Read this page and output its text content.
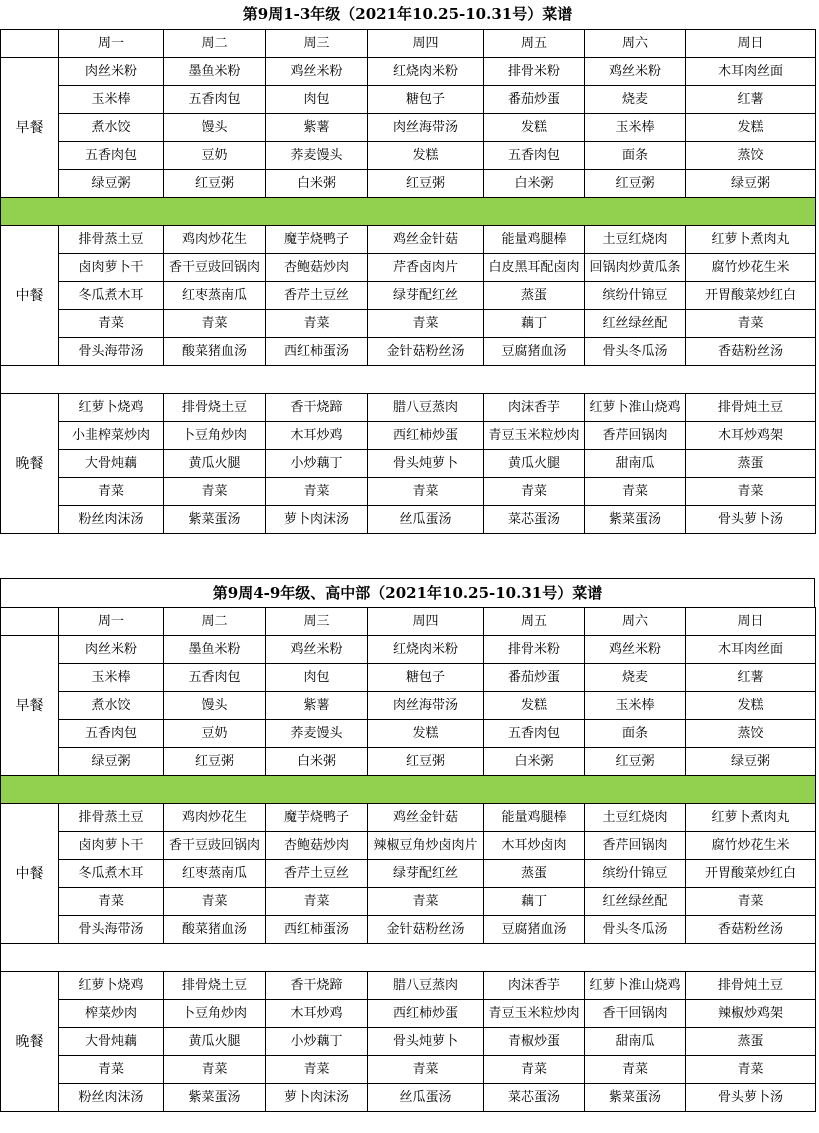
第9周1-3年级（2021年10.25-10.31号）菜谱
	周一	周二	周三	周四	周五	周六	周日
早餐	肉丝米粉	墨鱼米粉	鸡丝米粉	红烧肉米粉	排骨米粉	鸡丝米粉	木耳肉丝面
	玉米棒	五香肉包	肉包	糖包子	番茄炒蛋	烧麦	红薯
	煮水饺	馒头	紫薯	肉丝海带汤	发糕	玉米棒	发糕
	五香肉包	豆奶	荞麦馒头	发糕	五香肉包	面条	蒸饺
	绿豆粥	红豆粥	白米粥	红豆粥	白米粥	红豆粥	绿豆粥

中餐	排骨蒸土豆	鸡肉炒花生	魔芋烧鸭子	鸡丝金针菇	能量鸡腿棒	土豆红烧肉	红萝卜煮肉丸
	卤肉萝卜干	香干豆豉回锅肉	杏鲍菇炒肉	芹香卤肉片	白皮黑耳配卤肉	回锅肉炒黄瓜条	腐竹炒花生米
	冬瓜煮木耳	红枣蒸南瓜	香芹土豆丝	绿芽配红丝	蒸蛋	缤纷什锦豆	开胃酸菜炒红白
	青菜	青菜	青菜	青菜	藕丁	红丝绿丝配	青菜
	骨头海带汤	酸菜猪血汤	西红柿蛋汤	金针菇粉丝汤	豆腐猪血汤	骨头冬瓜汤	香菇粉丝汤

晚餐	红萝卜烧鸡	排骨烧土豆	香干烧蹄	腊八豆蒸肉	肉沫香芋	红萝卜淮山烧鸡	排骨炖土豆
	小韭榨菜炒肉	卜豆角炒肉	木耳炒鸡	西红柿炒蛋	青豆玉米粒炒肉	香芹回锅肉	木耳炒鸡架
	大骨炖藕	黄瓜火腿	小炒藕丁	骨头炖萝卜	黄瓜火腿	甜南瓜	蒸蛋
	青菜	青菜	青菜	青菜	青菜	青菜	青菜
	粉丝肉沫汤	紫菜蛋汤	萝卜肉沫汤	丝瓜蛋汤	菜芯蛋汤	紫菜蛋汤	骨头萝卜汤
第9周4-9年级、高中部（2021年10.25-10.31号）菜谱
	周一	周二	周三	周四	周五	周六	周日
早餐	肉丝米粉	墨鱼米粉	鸡丝米粉	红烧肉米粉	排骨米粉	鸡丝米粉	木耳肉丝面
	玉米棒	五香肉包	肉包	糖包子	番茄炒蛋	烧麦	红薯
	煮水饺	馒头	紫薯	肉丝海带汤	发糕	玉米棒	发糕
	五香肉包	豆奶	荞麦馒头	发糕	五香肉包	面条	蒸饺
	绿豆粥	红豆粥	白米粥	红豆粥	白米粥	红豆粥	绿豆粥

中餐	排骨蒸土豆	鸡肉炒花生	魔芋烧鸭子	鸡丝金针菇	能量鸡腿棒	土豆红烧肉	红萝卜煮肉丸
	卤肉萝卜干	香干豆豉回锅肉	杏鲍菇炒肉	辣椒豆角炒卤肉片	木耳炒卤肉	香芹回锅肉	腐竹炒花生米
	冬瓜煮木耳	红枣蒸南瓜	香芹土豆丝	绿芽配红丝	蒸蛋	缤纷什锦豆	开胃酸菜炒红白
	青菜	青菜	青菜	青菜	藕丁	红丝绿丝配	青菜
	骨头海带汤	酸菜猪血汤	西红柿蛋汤	金针菇粉丝汤	豆腐猪血汤	骨头冬瓜汤	香菇粉丝汤

晚餐	红萝卜烧鸡	排骨烧土豆	香干烧蹄	腊八豆蒸肉	肉沫香芋	红萝卜淮山烧鸡	排骨炖土豆
	榨菜炒肉	卜豆角炒肉	木耳炒鸡	西红柿炒蛋	青豆玉米粒炒肉	香干回锅肉	辣椒炒鸡架
	大骨炖藕	黄瓜火腿	小炒藕丁	骨头炖萝卜	青椒炒蛋	甜南瓜	蒸蛋
	青菜	青菜	青菜	青菜	青菜	青菜	青菜
	粉丝肉沫汤	紫菜蛋汤	萝卜肉沫汤	丝瓜蛋汤	菜芯蛋汤	紫菜蛋汤	骨头萝卜汤
